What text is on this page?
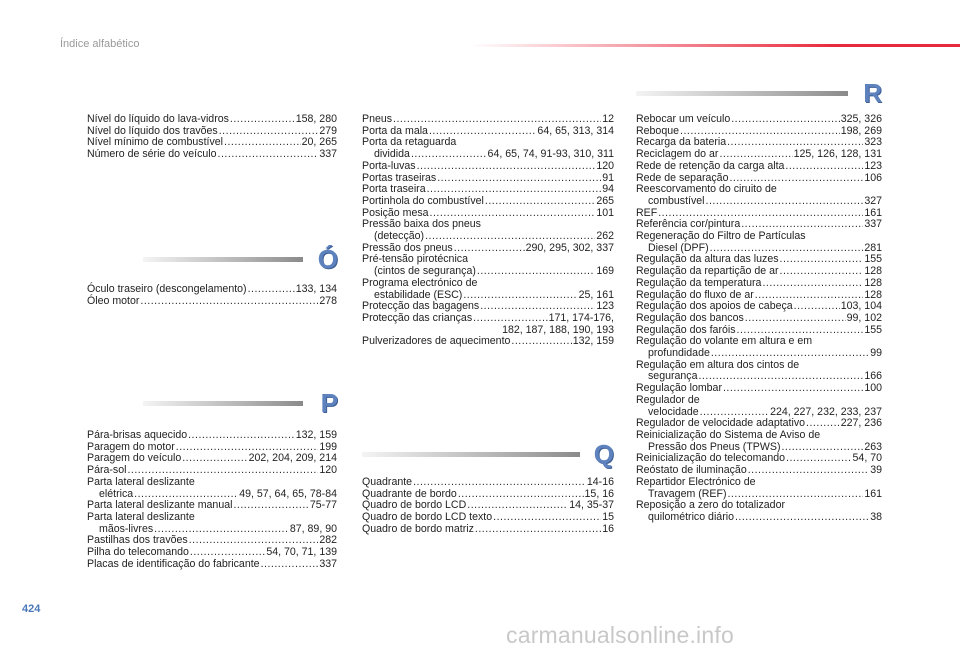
Índice alfabético
Nível do líquido do lava-vidros .....	158, 280
Nível do líquido dos travões .....	279
Nível mínimo de combustível .....	20, 265
Número de série do veículo .....	337
Ó
Óculo traseiro (descongelamento) .....	133, 134
Óleo motor .....	278
P
Pára-brisas aquecido .....	132, 159
Paragem do motor .....	199
Paragem do veículo .....	202, 204, 209, 214
Pára-sol .....	120
Parta lateral deslizante
elétrica .....	49, 57, 64, 65, 78-84
Parta lateral deslizante manual .....	75-77
Parta lateral deslizante
mãos-livres .....	87, 89, 90
Pastilhas dos travões .....	282
Pilha do telecomando .....	54, 70, 71, 139
Placas de identificação do fabricante .....	337
Pneus .....	12
Porta da mala .....	64, 65, 313, 314
Porta da retaguarda
dividida .....	64, 65, 74, 91-93, 310, 311
Porta-luvas .....	120
Portas traseiras .....	91
Porta traseira .....	94
Portinhola do combustível .....	265
Posição mesa .....	101
Pressão baixa dos pneus
(detecção) .....	262
Pressão dos pneus .....	290, 295, 302, 337
Pré-tensão pirotécnica
(cintos de segurança) .....	169
Programa electrónico de
estabilidade (ESC) .....	25, 161
Protecção das bagagens .....	123
Protecção das crianças .....	171, 174-176,
182, 187, 188, 190, 193
Pulverizadores de aquecimento .....	132, 159
Q
Quadrante .....	14-16
Quadrante de bordo .....	15, 16
Quadro de bordo LCD .....	14, 35-37
Quadro de bordo LCD texto .....	15
Quadro de bordo matriz .....	16
R
Rebocar um veículo .....	325, 326
Reboque .....	198, 269
Recarga da bateria .....	323
Reciclagem do ar .....	125, 126, 128, 131
Rede de retenção da carga alta .....	123
Rede de separação .....	106
Reescorvamento do ciruito de
combustível .....	327
REF .....	161
Referência cor/pintura .....	337
Regeneração do Filtro de Partículas
Diesel (DPF) .....	281
Regulação da altura das luzes .....	155
Regulação da repartição de ar .....	128
Regulação da temperatura .....	128
Regulação do fluxo de ar .....	128
Regulação dos apoios de cabeça .....	103, 104
Regulação dos bancos .....	99, 102
Regulação dos faróis .....	155
Regulação do volante em altura e em
profundidade .....	99
Regulação em altura dos cintos de
segurança .....	166
Regulação lombar .....	100
Regulador de
velocidade .....	224, 227, 232, 233, 237
Regulador de velocidade adaptativo .....	227, 236
Reinicialização do Sistema de Aviso de
Pressão dos Pneus (TPWS) .....	263
Reinicialização do telecomando .....	54, 70
Reóstato de iluminação .....	39
Repartidor Electrónico de
Travagem (REF) .....	161
Reposição a zero do totalizador
quilométrico diário .....	38
424
carmanualsonline.info
